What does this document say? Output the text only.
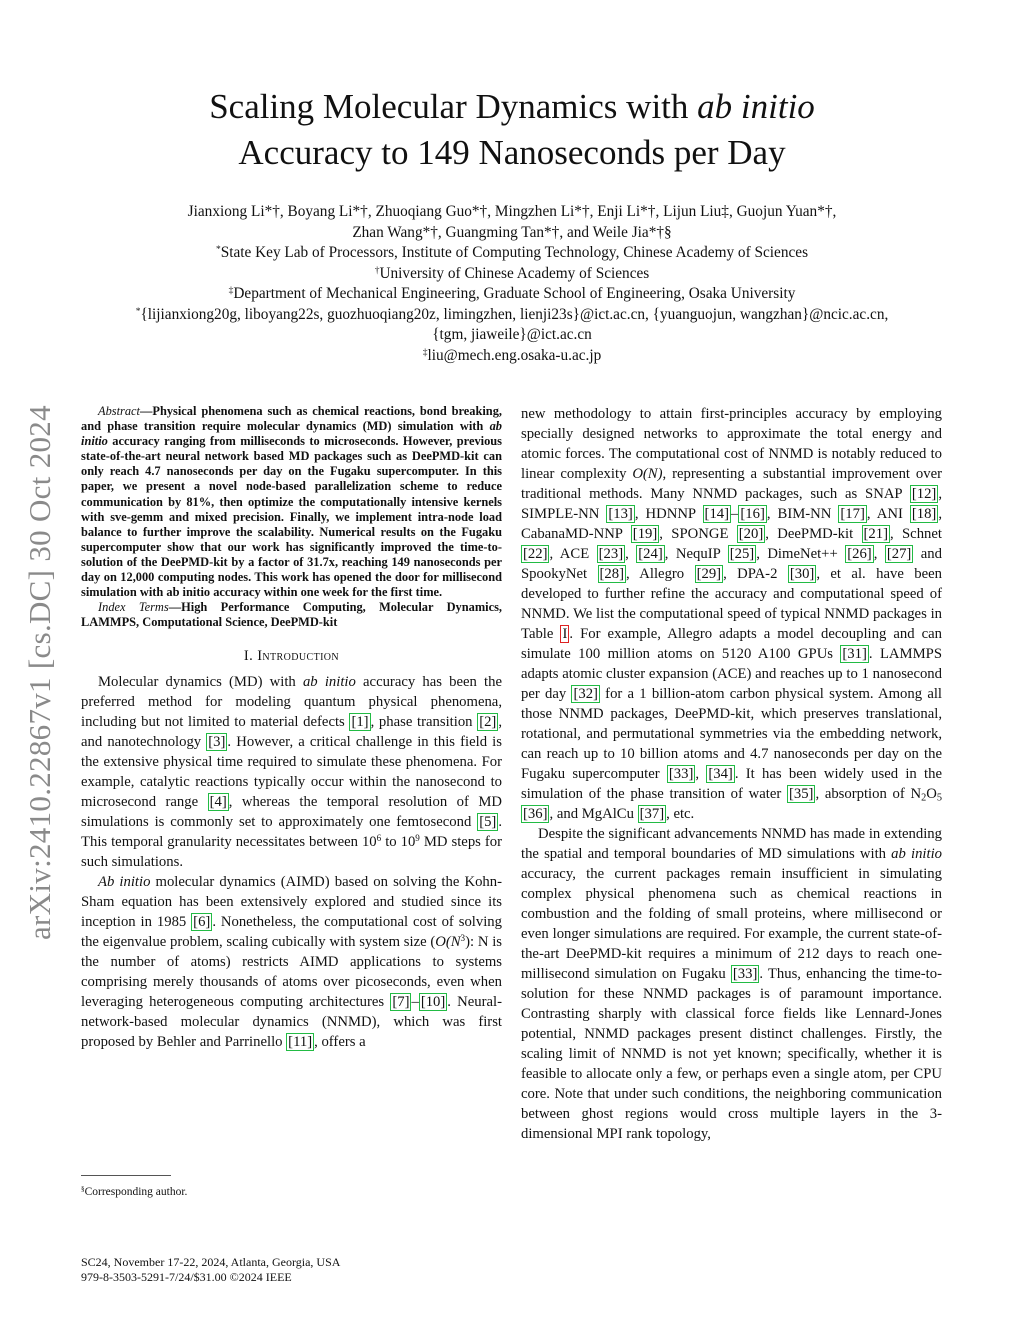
arXiv:2410.22867v1 [cs.DC] 30 Oct 2024
Scaling Molecular Dynamics with ab initio
Accuracy to 149 Nanoseconds per Day
Jianxiong Li*†, Boyang Li*†, Zhuoqiang Guo*†, Mingzhen Li*†, Enji Li*†, Lijun Liu‡, Guojun Yuan*†,
Zhan Wang*†, Guangming Tan*†, and Weile Jia*†§
*State Key Lab of Processors, Institute of Computing Technology, Chinese Academy of Sciences
†University of Chinese Academy of Sciences
‡Department of Mechanical Engineering, Graduate School of Engineering, Osaka University
*{lijianxiong20g, liboyang22s, guozhuoqiang20z, limingzhen, lienji23s}@ict.ac.cn, {yuanguojun, wangzhan}@ncic.ac.cn,
{tgm, jiaweile}@ict.ac.cn
‡liu@mech.eng.osaka-u.ac.jp

Abstract—Physical phenomena such as chemical reactions, bond breaking, and phase transition require molecular dynamics (MD) simulation with ab initio accuracy ranging from milliseconds to microseconds. However, previous state-of-the-art neural network based MD packages such as DeePMD-kit can only reach 4.7 nanoseconds per day on the Fugaku supercomputer. In this paper, we present a novel node-based parallelization scheme to reduce communication by 81%, then optimize the computationally intensive kernels with sve-gemm and mixed precision. Finally, we implement intra-node load balance to further improve the scalability. Numerical results on the Fugaku supercomputer show that our work has significantly improved the time-to-solution of the DeePMD-kit by a factor of 31.7x, reaching 149 nanoseconds per day on 12,000 computing nodes. This work has opened the door for millisecond simulation with ab initio accuracy within one week for the first time.

Index Terms—High Performance Computing, Molecular Dynamics, LAMMPS, Computational Science, DeePMD-kit

I. Introduction

Molecular dynamics (MD) with ab initio accuracy has been the preferred method for modeling quantum physical phenomena, including but not limited to material defects [1] , phase transition [2] , and nanotechnology [3] . However, a critical challenge in this field is the extensive physical time required to simulate these phenomena. For example, catalytic reactions typically occur within the nanosecond to microsecond range [4] , whereas the temporal resolution of MD simulations is commonly set to approximately one femtosecond [5] . This temporal granularity necessitates between $10^6$ to $10^9$ MD steps for such simulations.

Ab initio molecular dynamics (AIMD) based on solving the Kohn-Sham equation has been extensively explored and studied since its inception in 1985 [6] . Nonetheless, the computational cost of solving the eigenvalue problem, scaling cubically with system size ($O(N^3)$: N is the number of atoms) restricts AIMD applications to systems comprising merely thousands of atoms over picoseconds, even when leveraging heterogeneous computing architectures [7] – [10] . Neural-network-based molecular dynamics (NNMD), which was first proposed by Behler and Parrinello [11] , offers a

new methodology to attain first-principles accuracy by employing specially designed networks to approximate the total energy and atomic forces. The computational cost of NNMD is notably reduced to linear complexity O(N), representing a substantial improvement over traditional methods. Many NNMD packages, such as SNAP [12] , SIMPLE-NN [13] , HDNNP [14] – [16] , BIM-NN [17] , ANI [18] , CabanaMD-NNP [19] , SPONGE [20] , DeePMD-kit [21] , Schnet [22] , ACE [23] , [24] , NequIP [25] , DimeNet++ [26] , [27] and SpookyNet [28] , Allegro [29] , DPA-2 [30] , et al. have been developed to further refine the accuracy and computational speed of NNMD. We list the computational speed of typical NNMD packages in Table I . For example, Allegro adapts a model decoupling and can simulate 100 million atoms on 5120 A100 GPUs [31] . LAMMPS adapts atomic cluster expansion (ACE) and reaches up to 1 nanosecond per day [32] for a 1 billion-atom carbon physical system. Among all those NNMD packages, DeePMD-kit, which preserves translational, rotational, and permutational symmetries via the embedding network, can reach up to 10 billion atoms and 4.7 nanoseconds per day on the Fugaku supercomputer [33] , [34] . It has been widely used in the simulation of the phase transition of water [35] , absorption of $N_2O_5$ [36] , and MgAlCu [37] , etc.

Despite the significant advancements NNMD has made in extending the spatial and temporal boundaries of MD simulations with ab initio accuracy, the current packages remain insufficient in simulating complex physical phenomena such as chemical reactions in combustion and the folding of small proteins, where millisecond or even longer simulations are required. For example, the current state-of-the-art DeePMD-kit requires a minimum of 212 days to reach one-millisecond simulation on Fugaku [33] . Thus, enhancing the time-to-solution for these NNMD packages is of paramount importance. Contrasting sharply with classical force fields like Lennard-Jones potential, NNMD packages present distinct challenges. Firstly, the scaling limit of NNMD is not yet known; specifically, whether it is feasible to allocate only a few, or perhaps even a single atom, per CPU core. Note that under such conditions, the neighboring communication between ghost regions would cross multiple layers in the 3-dimensional MPI rank topology,

§Corresponding author.
SC24, November 17-22, 2024, Atlanta, Georgia, USA
979-8-3503-5291-7/24/$31.00 ©2024 IEEE
